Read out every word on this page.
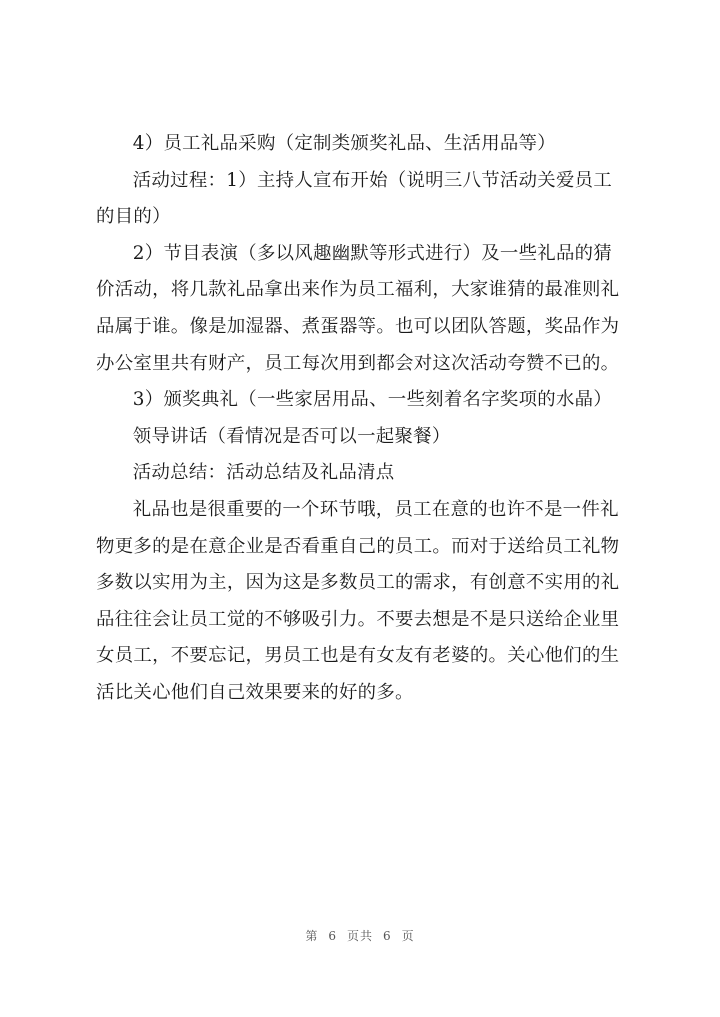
4）员工礼品采购（定制类颁奖礼品、生活用品等）
活动过程：1）主持人宣布开始（说明三八节活动关爱员工
的目的）
2）节目表演（多以风趣幽默等形式进行）及一些礼品的猜
价活动，将几款礼品拿出来作为员工福利，大家谁猜的最准则礼
品属于谁。像是加湿器、煮蛋器等。也可以团队答题，奖品作为
办公室里共有财产，员工每次用到都会对这次活动夸赞不已的。
3）颁奖典礼（一些家居用品、一些刻着名字奖项的水晶）
领导讲话（看情况是否可以一起聚餐）
活动总结：活动总结及礼品清点
礼品也是很重要的一个环节哦，员工在意的也许不是一件礼
物更多的是在意企业是否看重自己的员工。而对于送给员工礼物
多数以实用为主，因为这是多数员工的需求，有创意不实用的礼
品往往会让员工觉的不够吸引力。不要去想是不是只送给企业里
女员工，不要忘记，男员工也是有女友有老婆的。关心他们的生
活比关心他们自己效果要来的好的多。
第 6 页共 6 页
